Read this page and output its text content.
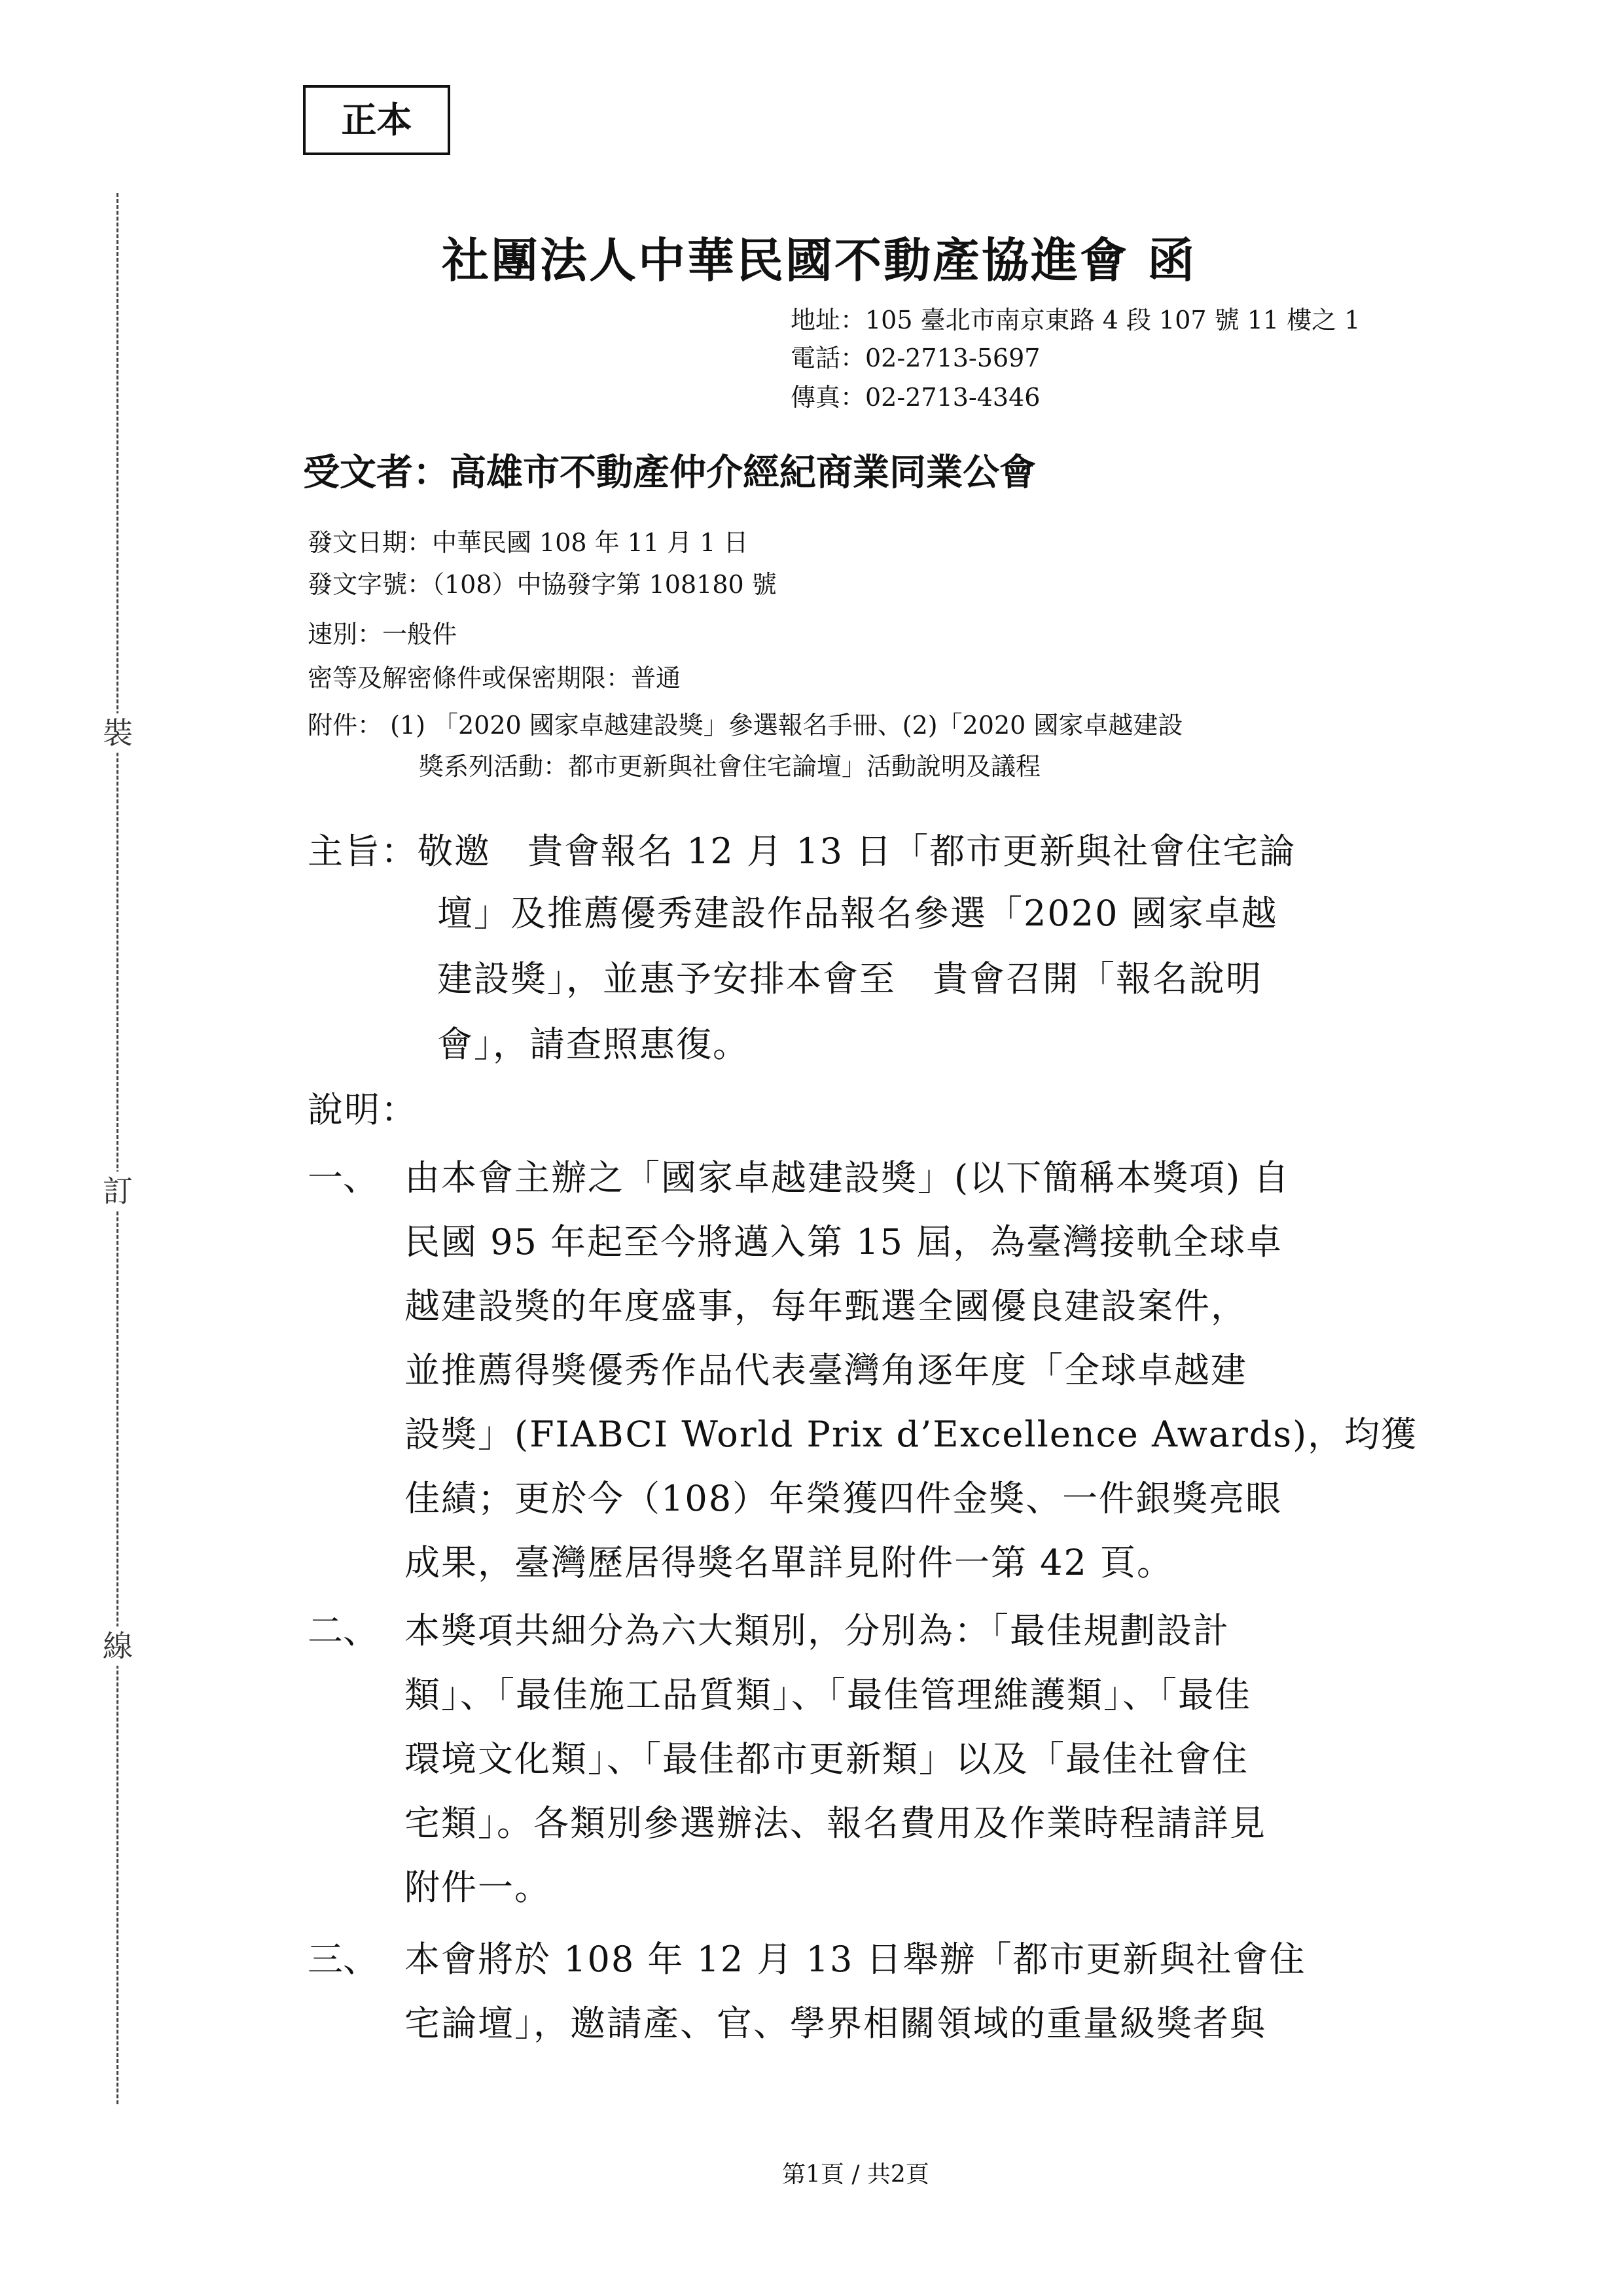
正本
裝
訂
線
社團法人中華民國不動產協進會 函
地址：105 臺北市南京東路 4 段 107 號 11 樓之 1
電話：02-2713-5697
傳真：02-2713-4346
受文者：高雄市不動產仲介經紀商業同業公會
發文日期：中華民國 108 年 11 月 1 日
發文字號：（108）中協發字第 108180 號
速別：一般件
密等及解密條件或保密期限：普通
附件： (1) 「2020 國家卓越建設獎」參選報名手冊、(2)「2020 國家卓越建設
獎系列活動：都市更新與社會住宅論壇」活動說明及議程
主旨：敬邀　貴會報名 12 月 13 日「都市更新與社會住宅論
壇」及推薦優秀建設作品報名參選「2020 國家卓越
建設獎」，並惠予安排本會至　貴會召開「報名說明
會」，請查照惠復。
說明：
一、 由本會主辦之「國家卓越建設獎」(以下簡稱本獎項) 自
民國 95 年起至今將邁入第 15 屆，為臺灣接軌全球卓
越建設獎的年度盛事，每年甄選全國優良建設案件，
並推薦得獎優秀作品代表臺灣角逐年度「全球卓越建
設獎」(FIABCI World Prix d’Excellence Awards)，均獲
佳績；更於今（108）年榮獲四件金獎、一件銀獎亮眼
成果，臺灣歷居得獎名單詳見附件一第 42 頁。
二、 本獎項共細分為六大類別，分別為：「最佳規劃設計
類」、「最佳施工品質類」、「最佳管理維護類」、「最佳
環境文化類」、「最佳都市更新類」以及「最佳社會住
宅類」。各類別參選辦法、報名費用及作業時程請詳見
附件一。
三、 本會將於 108 年 12 月 13 日舉辦「都市更新與社會住
宅論壇」，邀請產、官、學界相關領域的重量級獎者與
第1頁 / 共2頁
